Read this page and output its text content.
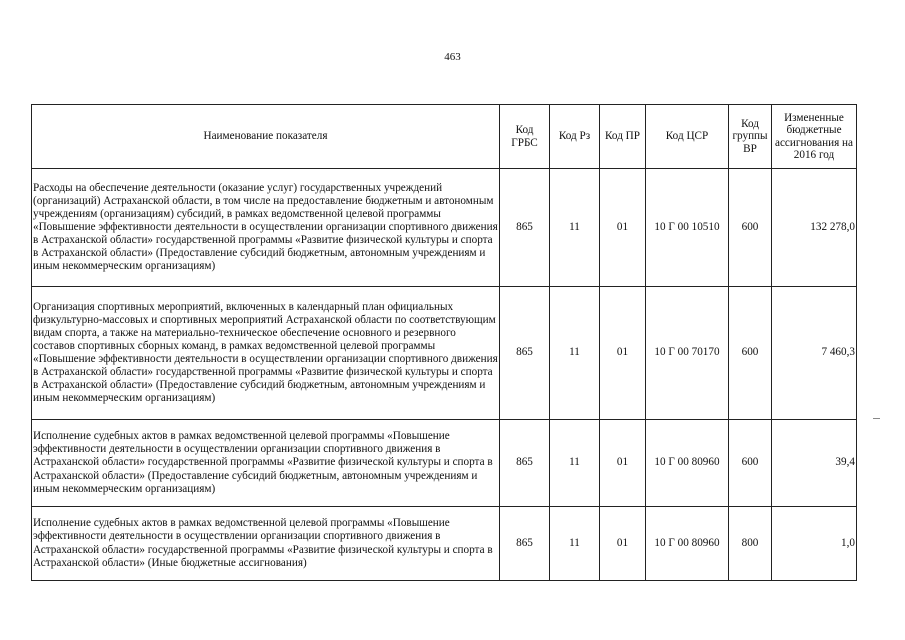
463
Наименование показателя	Код ГРБС	Код Рз	Код ПР	Код ЦСР	Код группы ВР	Измененные бюджетные ассигнования на 2016 год
Расходы на обеспечение деятельности (оказание услуг) государственных учреждений (организаций) Астраханской области, в том числе на предоставление бюджетным и автономным учреждениям (организациям) субсидий, в рамках ведомственной целевой программы «Повышение эффективности деятельности в осуществлении организации спортивного движения в Астраханской области» государственной программы «Развитие физической культуры и спорта в Астраханской области» (Предоставление субсидий бюджетным, автономным учреждениям и иным некоммерческим организациям)	865	11	01	10 Г 00 10510	600	132 278,0
Организация спортивных мероприятий, включенных в календарный план официальных физкультурно-массовых и спортивных мероприятий Астраханской области по соответствующим видам спорта, а также на материально-техническое обеспечение основного и резервного составов спортивных сборных команд, в рамках ведомственной целевой программы «Повышение эффективности деятельности в осуществлении организации спортивного движения в Астраханской области» государственной программы «Развитие физической культуры и спорта в Астраханской области» (Предоставление субсидий бюджетным, автономным учреждениям и иным некоммерческим организациям)	865	11	01	10 Г 00 70170	600	7 460,3
Исполнение судебных актов в рамках ведомственной целевой программы «Повышение эффективности деятельности в осуществлении организации спортивного движения в Астраханской области» государственной программы «Развитие физической культуры и спорта в Астраханской области» (Предоставление субсидий бюджетным, автономным учреждениям и иным некоммерческим организациям)	865	11	01	10 Г 00 80960	600	39,4
Исполнение судебных актов в рамках ведомственной целевой программы «Повышение эффективности деятельности в осуществлении организации спортивного движения в Астраханской области» государственной программы «Развитие физической культуры и спорта в Астраханской области» (Иные бюджетные ассигнования)	865	11	01	10 Г 00 80960	800	1,0
